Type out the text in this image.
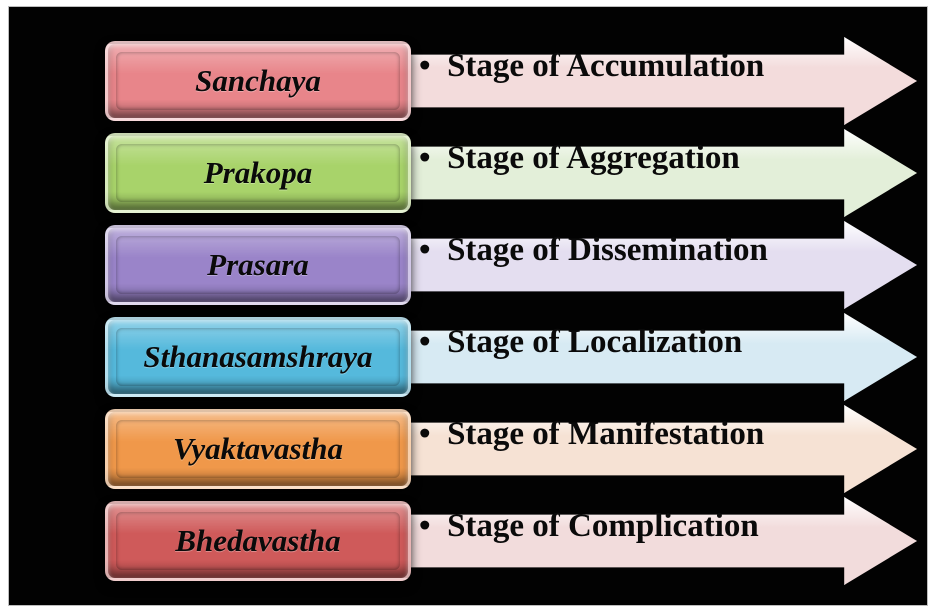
• Stage of Accumulation
Sanchaya
• Stage of Aggregation
Prakopa
• Stage of Dissemination
Prasara
• Stage of Localization
Sthanasamshraya
• Stage of Manifestation
Vyaktavastha
• Stage of Complication
Bhedavastha
